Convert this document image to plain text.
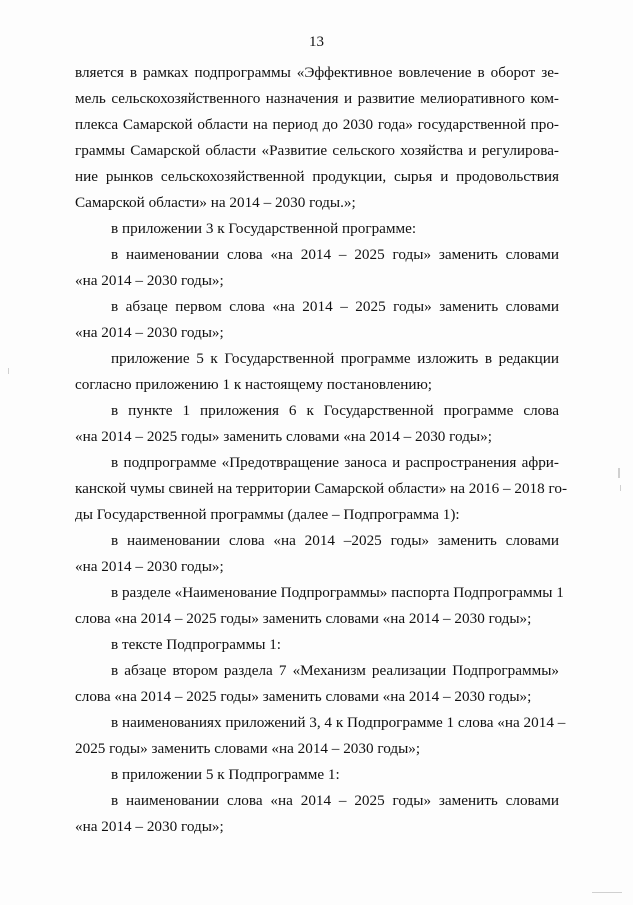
13
вляется в рамках подпрограммы «Эффективное вовлечение в оборот зе-
мель сельскохозяйственного назначения и развитие мелиоративного ком-
плекса Самарской области на период до 2030 года» государственной про-
граммы Самарской области «Развитие сельского хозяйства и регулирова-
ние рынков сельскохозяйственной продукции, сырья и продовольствия
Самарской области» на 2014 – 2030 годы.»;
в приложении 3 к Государственной программе:
в наименовании слова «на 2014 – 2025 годы» заменить словами
«на 2014 – 2030 годы»;
в абзаце первом слова «на 2014 – 2025 годы» заменить словами
«на 2014 – 2030 годы»;
приложение 5 к Государственной программе изложить в редакции
согласно приложению 1 к настоящему постановлению;
в пункте 1 приложения 6 к Государственной программе слова
«на 2014 – 2025 годы» заменить словами «на 2014 – 2030 годы»;
в подпрограмме «Предотвращение заноса и распространения афри-
канской чумы свиней на территории Самарской области» на 2016 – 2018 го-
ды Государственной программы (далее – Подпрограмма 1):
в наименовании слова «на 2014 –2025 годы» заменить словами
«на 2014 – 2030 годы»;
в разделе «Наименование Подпрограммы» паспорта Подпрограммы 1
слова «на 2014 – 2025 годы» заменить словами «на 2014 – 2030 годы»;
в тексте Подпрограммы 1:
в абзаце втором раздела 7 «Механизм реализации Подпрограммы»
слова «на 2014 – 2025 годы» заменить словами «на 2014 – 2030 годы»;
в наименованиях приложений 3, 4 к Подпрограмме 1 слова «на 2014 –
2025 годы» заменить словами «на 2014 – 2030 годы»;
в приложении 5 к Подпрограмме 1:
в наименовании слова «на 2014 – 2025 годы» заменить словами
«на 2014 – 2030 годы»;
